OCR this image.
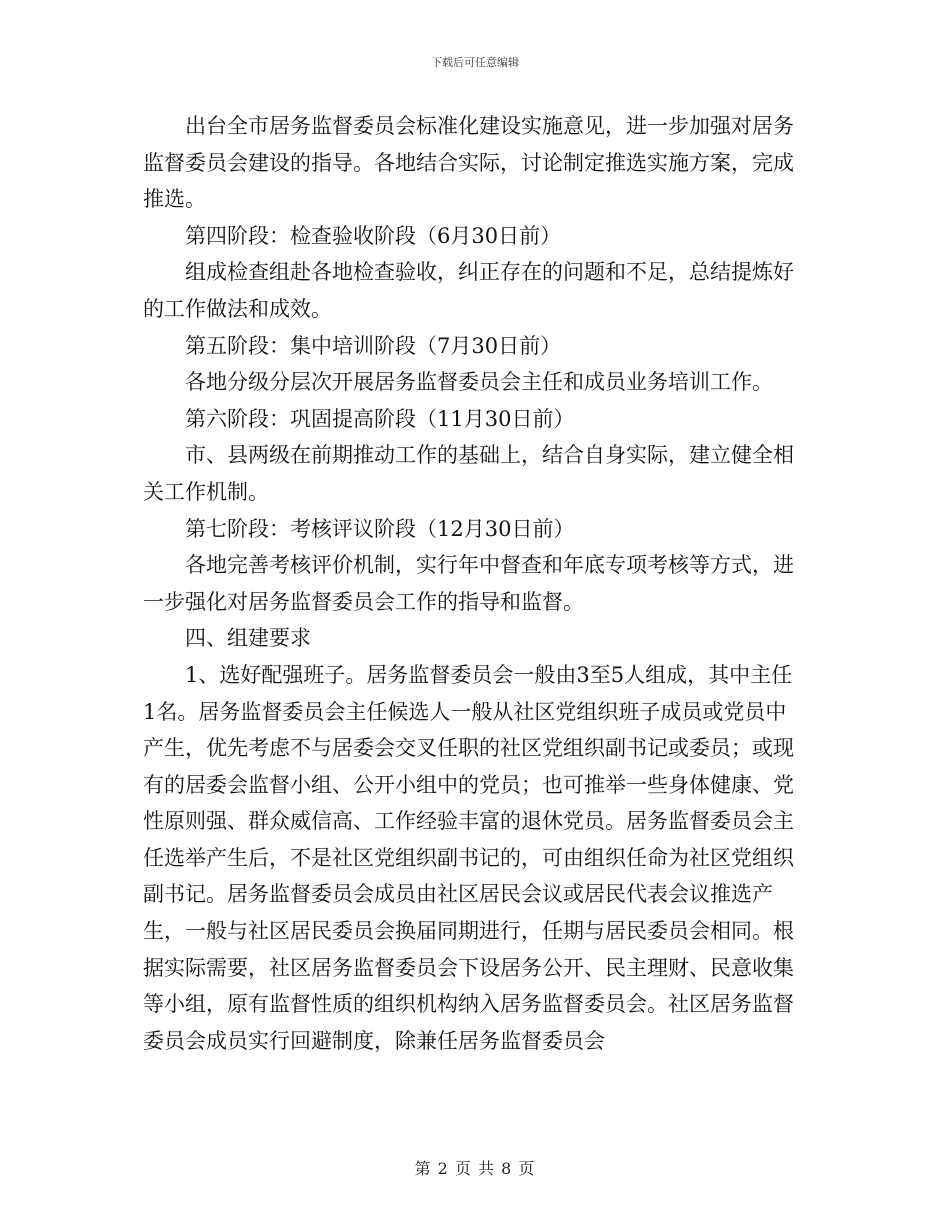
下载后可任意编辑

出台全市居务监督委员会标准化建设实施意见，进一步加强对居务监督委员会建设的指导。各地结合实际，讨论制定推选实施方案，完成推选。

第四阶段：检查验收阶段（6月30日前）

组成检查组赴各地检查验收，纠正存在的问题和不足，总结提炼好的工作做法和成效。

第五阶段：集中培训阶段（7月30日前）

各地分级分层次开展居务监督委员会主任和成员业务培训工作。

第六阶段：巩固提高阶段（11月30日前）

市、县两级在前期推动工作的基础上，结合自身实际，建立健全相关工作机制。

第七阶段：考核评议阶段（12月30日前）

各地完善考核评价机制，实行年中督查和年底专项考核等方式，进一步强化对居务监督委员会工作的指导和监督。

四、组建要求

1、选好配强班子。居务监督委员会一般由3至5人组成，其中主任1名。居务监督委员会主任候选人一般从社区党组织班子成员或党员中产生，优先考虑不与居委会交叉任职的社区党组织副书记或委员；或现有的居委会监督小组、公开小组中的党员；也可推举一些身体健康、党性原则强、群众威信高、工作经验丰富的退休党员。居务监督委员会主任选举产生后，不是社区党组织副书记的，可由组织任命为社区党组织副书记。居务监督委员会成员由社区居民会议或居民代表会议推选产生，一般与社区居民委员会换届同期进行，任期与居民委员会相同。根据实际需要，社区居务监督委员会下设居务公开、民主理财、民意收集等小组，原有监督性质的组织机构纳入居务监督委员会。社区居务监督委员会成员实行回避制度，除兼任居务监督委员会

第 2 页 共 8 页
